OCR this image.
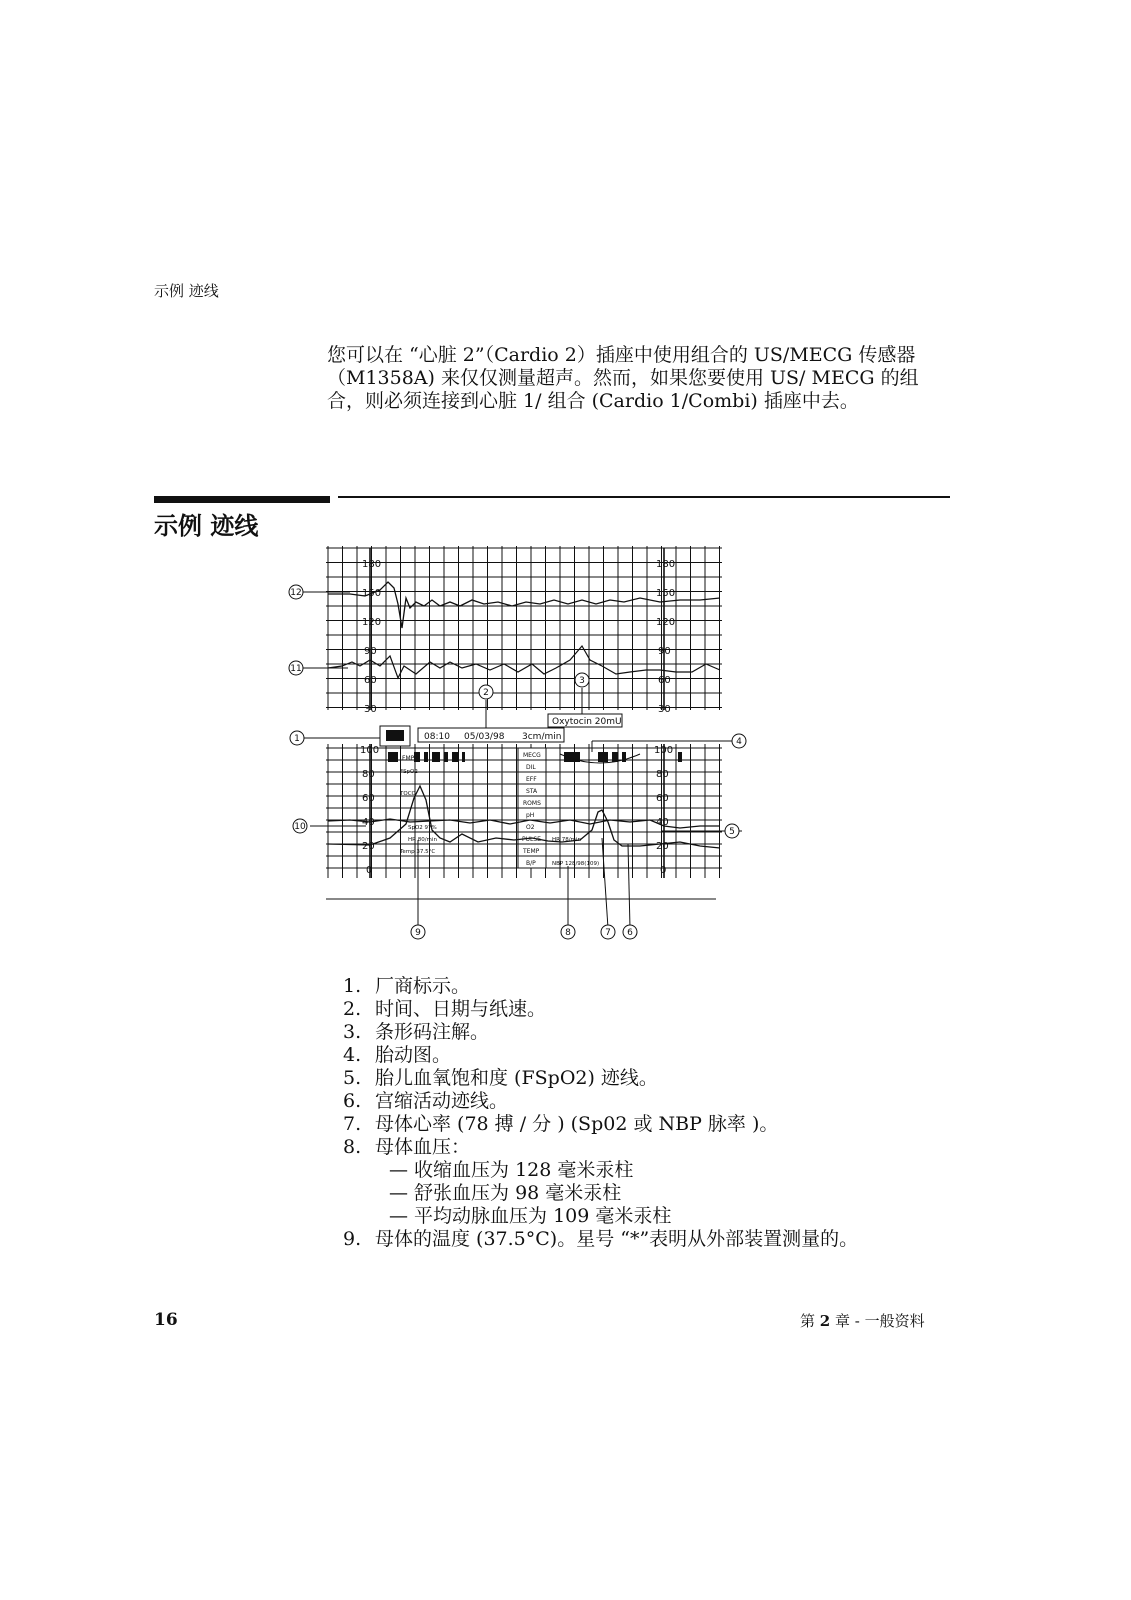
示例 迹线

您可以在 “心脏 2”（Cardio 2）插座中使用组合的 US/MECG 传感器 （M1358A) 来仅仅测量超声。然而，如果您要使用 US/ MECG 的组合，则必须连接到心脏 1/ 组合 (Cardio 1/Combi) 插座中去。

示例 迹线
180
150
120
90
60
30
180
150
120
90
60
30
08:10 05/03/98 3cm/min
Oxytocin 20mU
100
80
60
40
20
0
100
80
60
40
20
0
FMP	MECG
DIL
EFF
STA
ROMS
pH
O2
PULSE
TEMP
B/P
FSpO2
TOCO
SpO2 97%
HR 80/min
Temp 37.5°C
HR 78/min
NBP 128/98(109)
12
11
2
3
1	4
10	5
9	8	7 6
1. 厂商标示。
2. 时间、日期与纸速。
3. 条形码注解。
4. 胎动图。
5. 胎儿血氧饱和度 (FSpO2) 迹线。
6. 宫缩活动迹线。
7. 母体心率 (78 搏 / 分 ) (Sp02 或 NBP 脉率 )。
8. 母体血压：
— 收缩血压为 128 毫米汞柱
— 舒张血压为 98 毫米汞柱
— 平均动脉血压为 109 毫米汞柱
9. 母体的温度 (37.5°C)。星号 “*”表明从外部装置测量的。
16	第 2 章 - 一般资料
